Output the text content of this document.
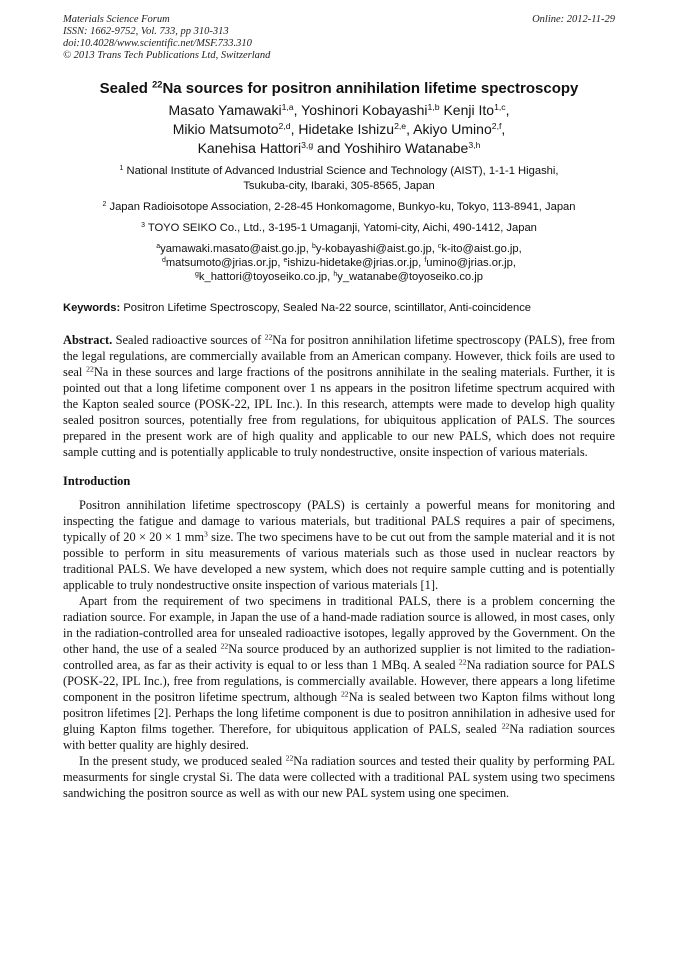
Materials Science Forum
ISSN: 1662-9752, Vol. 733, pp 310-313
doi:10.4028/www.scientific.net/MSF.733.310
© 2013 Trans Tech Publications Ltd, Switzerland
Online: 2012-11-29
Sealed $^{22}$Na sources for positron annihilation lifetime spectroscopy
Masato Yamawaki$^{1,a}$, Yoshinori Kobayashi$^{1,b}$ Kenji Ito$^{1,c}$,
Mikio Matsumoto$^{2,d}$, Hidetake Ishizu$^{2,e}$, Akiyo Umino$^{2,f}$,
Kanehisa Hattori$^{3,g}$ and Yoshihiro Watanabe$^{3,h}$
$^1$ National Institute of Advanced Industrial Science and Technology (AIST), 1-1-1 Higashi,
Tsukuba-city, Ibaraki, 305-8565, Japan
$^2$ Japan Radioisotope Association, 2-28-45 Honkomagome, Bunkyo-ku, Tokyo, 113-8941, Japan
$^3$ TOYO SEIKO Co., Ltd., 3-195-1 Umaganji, Yatomi-city, Aichi, 490-1412, Japan
$^a$yamawaki.masato@aist.go.jp, $^b$y-kobayashi@aist.go.jp, $^c$k-ito@aist.go.jp,
$^d$matsumoto@jrias.or.jp, $^e$ishizu-hidetake@jrias.or.jp, $^f$umino@jrias.or.jp,
$^g$k_hattori@toyoseiko.co.jp, $^h$y_watanabe@toyoseiko.co.jp
Keywords: Positron Lifetime Spectroscopy, Sealed Na-22 source, scintillator, Anti-coincidence

Abstract. Sealed radioactive sources of $^{22}$Na for positron annihilation lifetime spectroscopy (PALS), free from the legal regulations, are commercially available from an American company. However, thick foils are used to seal $^{22}$Na in these sources and large fractions of the positrons annihilate in the sealing materials. Further, it is pointed out that a long lifetime component over 1 ns appears in the positron lifetime spectrum acquired with the Kapton sealed source (POSK-22, IPL Inc.). In this research, attempts were made to develop high quality sealed positron sources, potentially free from regulations, for ubiquitous application of PALS. The sources prepared in the present work are of high quality and applicable to our new PALS, which does not require sample cutting and is potentially applicable to truly nondestructive, onsite inspection of various materials.

Introduction

Positron annihilation lifetime spectroscopy (PALS) is certainly a powerful means for monitoring and inspecting the fatigue and damage to various materials, but traditional PALS requires a pair of specimens, typically of 20 × 20 × 1 $mm^3$ size. The two specimens have to be cut out from the sample material and it is not possible to perform in situ measurements of various materials such as those used in nuclear reactors by traditional PALS. We have developed a new system, which does not require sample cutting and is potentially applicable to truly nondestructive onsite inspection of various materials [1].

Apart from the requirement of two specimens in traditional PALS, there is a problem concerning the radiation source. For example, in Japan the use of a hand-made radiation source is allowed, in most cases, only in the radiation-controlled area for unsealed radioactive isotopes, legally approved by the Government. On the other hand, the use of a sealed $^{22}$Na source produced by an authorized supplier is not limited to the radiation-controlled area, as far as their activity is equal to or less than 1 MBq. A sealed $^{22}$Na radiation source for PALS (POSK-22, IPL Inc.), free from regulations, is commercially available. However, there appears a long lifetime component in the positron lifetime spectrum, although $^{22}$Na is sealed between two Kapton films without long positron lifetimes [2]. Perhaps the long lifetime component is due to positron annihilation in adhesive used for gluing Kapton films together. Therefore, for ubiquitous application of PALS, sealed $^{22}$Na radiation sources with better quality are highly desired.

In the present study, we produced sealed $^{22}$Na radiation sources and tested their quality by performing PAL measurments for single crystal Si. The data were collected with a traditional PAL system using two specimens sandwiching the positron source as well as with our new PAL system using one specimen.
